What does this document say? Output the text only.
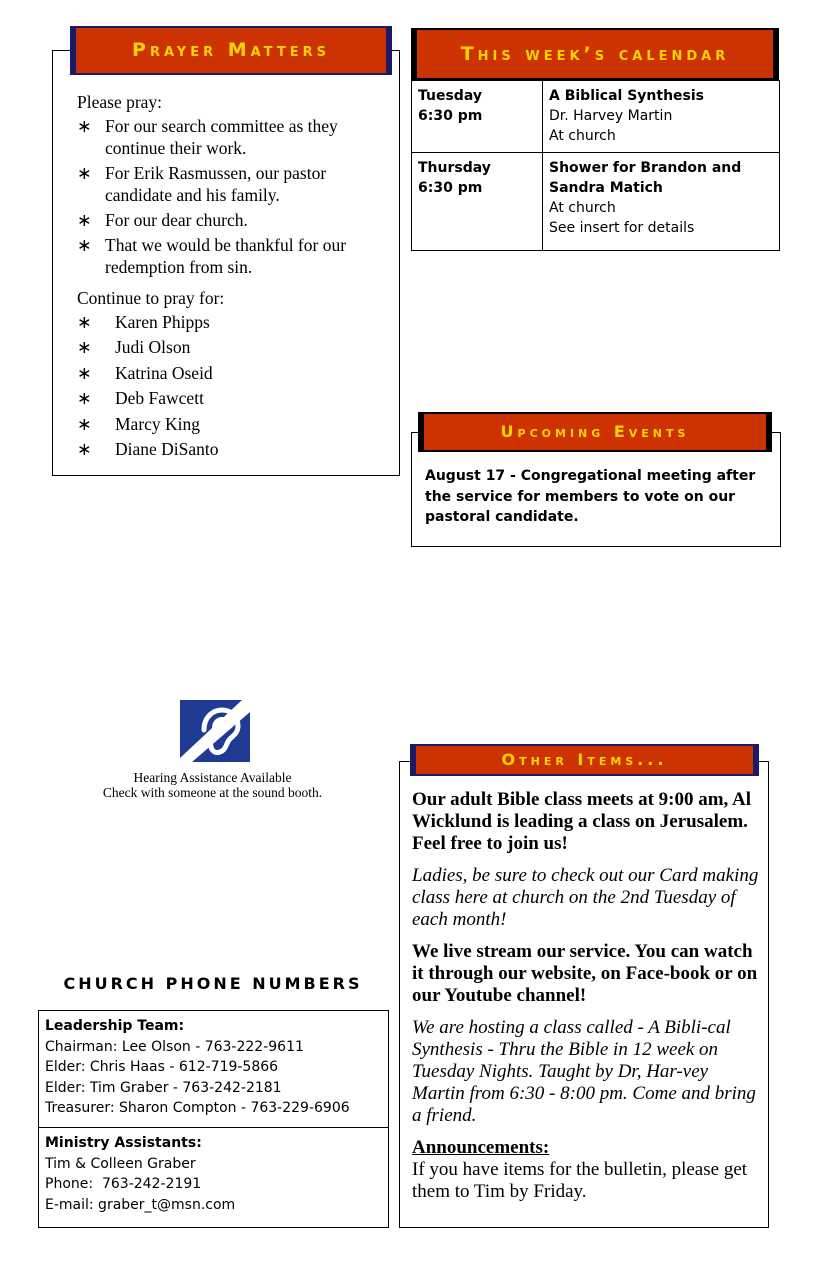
Please pray:
∗ For our search committee as they continue their work.
∗ For Erik Rasmussen, our pastor candidate and his family.
∗ For our dear church.
∗ That we would be thankful for our redemption from sin.
Continue to pray for:
∗	Karen Phipps
∗	Judi Olson
∗	Katrina Oseid
∗	Deb Fawcett
∗	Marcy King
∗	Diane DiSanto
Prayer Matters	This week’s calendar
Tuesday
6:30 pm	A Biblical Synthesis
Dr. Harvey Martin
At church

Thursday
6:30 pm	Shower for Brandon and Sandra Matich
At church
See insert for details
August 17 - Congregational meeting after the service for members to vote on our pastoral candidate.
Upcoming Events
Hearing Assistance Available
Check with someone at the sound booth.
CHURCH PHONE NUMBERS
Leadership Team:
Chairman: Lee Olson - 763-222-9611
Elder: Chris Haas - 612-719-5866
Elder: Tim Graber - 763-242-2181
Treasurer: Sharon Compton - 763-229-6906
Ministry Assistants:
Tim & Colleen Graber
Phone:  763-242-2191
E-mail: graber_t@msn.com

Our adult Bible class meets at 9:00 am, Al Wicklund is leading a class on Jerusalem. Feel free to join us!

Ladies, be sure to check out our Card making class here at church on the 2nd Tuesday of each month!

We live stream our service. You can watch it through our website, on Face-book or on our Youtube channel!

We are hosting a class called - A Bibli-cal Synthesis - Thru the Bible in 12 week on Tuesday Nights. Taught by Dr, Har-vey Martin from 6:30 - 8:00 pm. Come and bring a friend.

Announcements:
If you have items for the bulletin, please get them to Tim by Friday.
Other Items...
